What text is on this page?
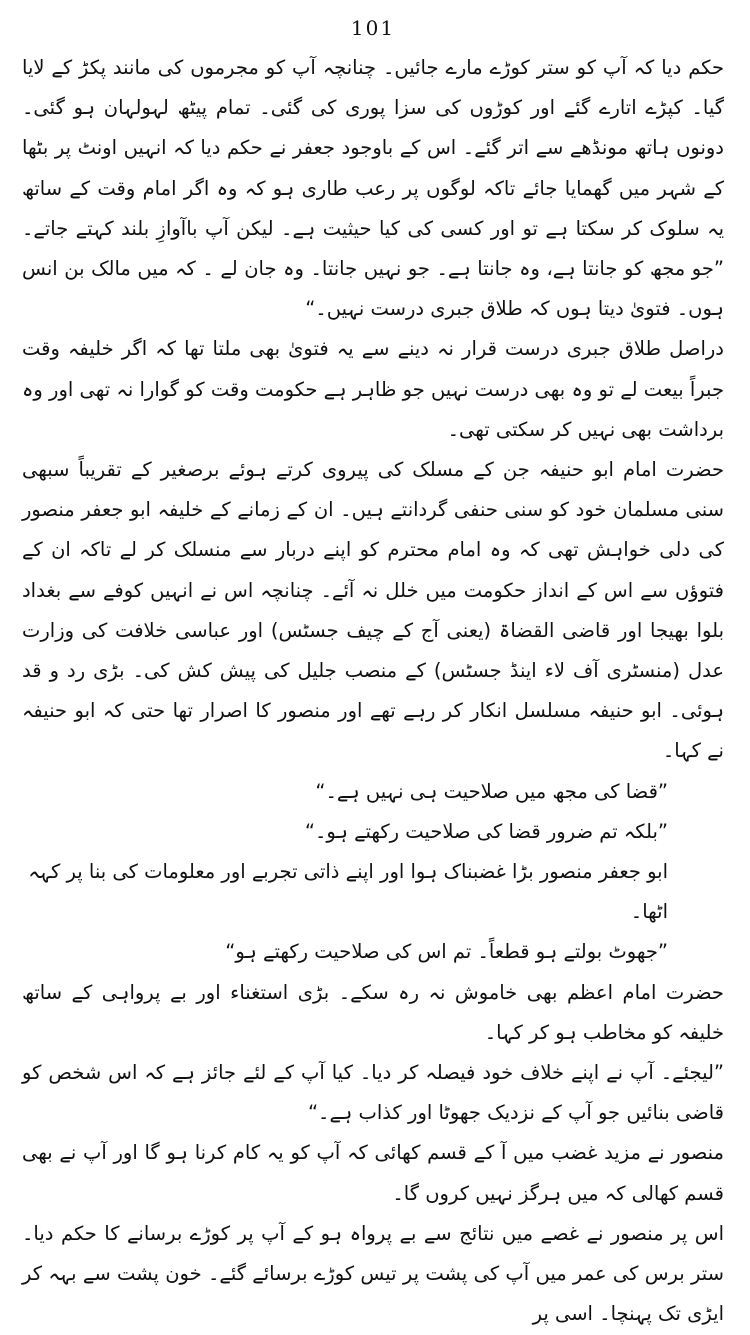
101

حکم دیا کہ آپ کو ستر کوڑے مارے جائیں۔ چنانچہ آپ کو مجرموں کی مانند پکڑ کے لایا گیا۔ کپڑے اتارے گئے اور کوڑوں کی سزا پوری کی گئی۔ تمام پیٹھ لہولہان ہو گئی۔ دونوں ہاتھ مونڈھے سے اتر گئے۔ اس کے باوجود جعفر نے حکم دیا کہ انہیں اونٹ پر بٹھا کے شہر میں گھمایا جائے تاکہ لوگوں پر رعب طاری ہو کہ وہ اگر امام وقت کے ساتھ یہ سلوک کر سکتا ہے تو اور کسی کی کیا حیثیت ہے۔ لیکن آپ باآوازِ بلند کہتے جاتے۔ ”جو مجھ کو جانتا ہے، وہ جانتا ہے۔ جو نہیں جانتا۔ وہ جان لے ۔ کہ میں مالک بن انس ہوں۔ فتویٰ دیتا ہوں کہ طلاق جبری درست نہیں۔“

دراصل طلاق جبری درست قرار نہ دینے سے یہ فتویٰ بھی ملتا تھا کہ اگر خلیفہ وقت جبراً بیعت لے تو وہ بھی درست نہیں جو ظاہر ہے حکومت وقت کو گوارا نہ تھی اور وہ برداشت بھی نہیں کر سکتی تھی۔

حضرت امام ابو حنیفہ جن کے مسلک کی پیروی کرتے ہوئے برصغیر کے تقریباً سبھی سنی مسلمان خود کو سنی حنفی گردانتے ہیں۔ ان کے زمانے کے خلیفہ ابو جعفر منصور کی دلی خواہش تھی کہ وہ امام محترم کو اپنے دربار سے منسلک کر لے تاکہ ان کے فتوؤں سے اس کے انداز حکومت میں خلل نہ آئے۔ چنانچہ اس نے انہیں کوفے سے بغداد بلوا بھیجا اور قاضی القضاۃ (یعنی آج کے چیف جسٹس) اور عباسی خلافت کی وزارت عدل (منسٹری آف لاء اینڈ جسٹس) کے منصب جلیل کی پیش کش کی۔ بڑی رد و قد ہوئی۔ ابو حنیفہ مسلسل انکار کر رہے تھے اور منصور کا اصرار تھا حتی کہ ابو حنیفہ نے کہا۔

”قضا کی مجھ میں صلاحیت ہی نہیں ہے۔“

”بلکہ تم ضرور قضا کی صلاحیت رکھتے ہو۔“

ابو جعفر منصور بڑا غضبناک ہوا اور اپنے ذاتی تجربے اور معلومات کی بنا پر کہہ اٹھا۔

”جھوٹ بولتے ہو قطعاً۔ تم اس کی صلاحیت رکھتے ہو“

حضرت امام اعظم بھی خاموش نہ رہ سکے۔ بڑی استغناء اور بے پرواہی کے ساتھ خلیفہ کو مخاطب ہو کر کہا۔

”لیجئے۔ آپ نے اپنے خلاف خود فیصلہ کر دیا۔ کیا آپ کے لئے جائز ہے کہ اس شخص کو قاضی بنائیں جو آپ کے نزدیک جھوٹا اور کذاب ہے۔“

منصور نے مزید غضب میں آ کے قسم کھائی کہ آپ کو یہ کام کرنا ہو گا اور آپ نے بھی قسم کھالی کہ میں ہرگز نہیں کروں گا۔

اس پر منصور نے غصے میں نتائج سے بے پرواہ ہو کے آپ پر کوڑے برسانے کا حکم دیا۔ ستر برس کی عمر میں آپ کی پشت پر تیس کوڑے برسائے گئے۔ خون پشت سے بہہ کر ایڑی تک پہنچا۔ اسی پر
